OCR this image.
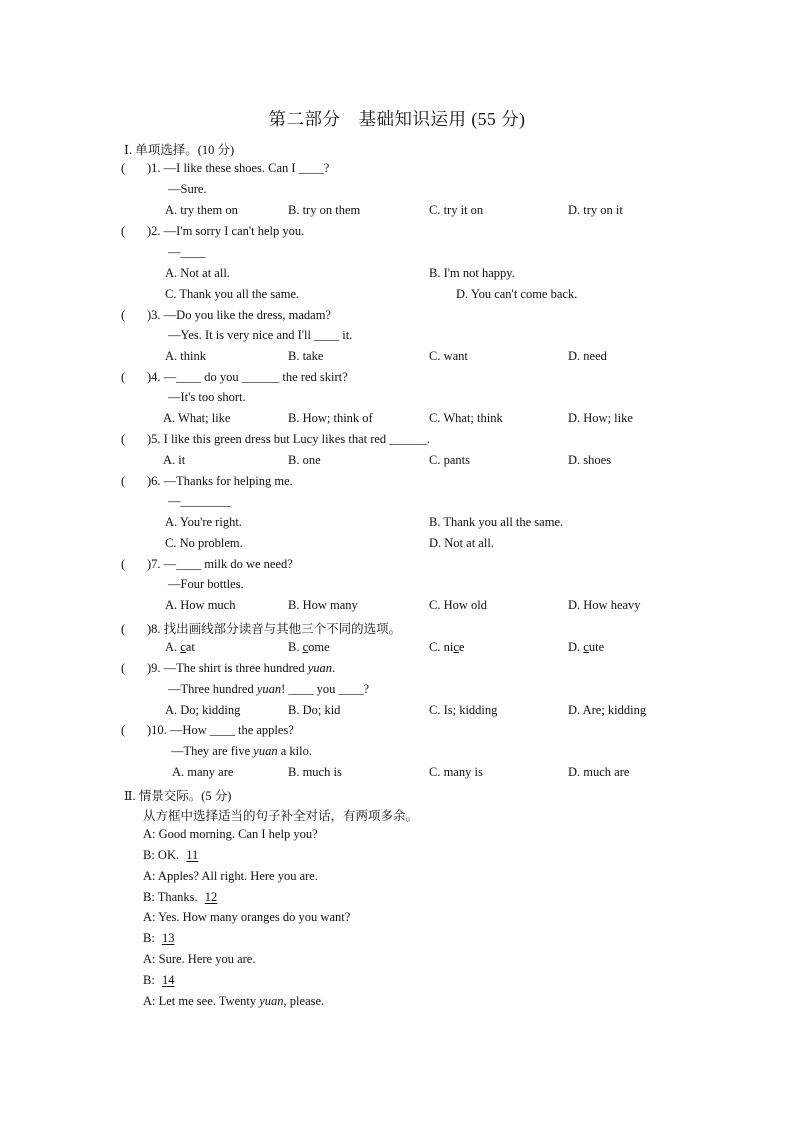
第二部分　基础知识运用 (55 分)
Ⅰ. 单项选择。(10 分)
( )1. —I like these shoes. Can I ____?
—Sure.
A. try them on	B. try on them	C. try it on	D. try on it
( )2. —I'm sorry I can't help you.
—____
A. Not at all.	B. I'm not happy.
C. Thank you all the same.	D. You can't come back.
( )3. —Do you like the dress, madam?
—Yes. It is very nice and I'll ____ it.
A. think	B. take	C. want	D. need
( )4. —____ do you ______ the red skirt?
—It's too short.
A. What; like	B. How; think of	C. What; think	D. How; like
( )5. I like this green dress but Lucy likes that red ______.
A. it	B. one	C. pants	D. shoes
( )6. —Thanks for helping me.
—________
A. You're right.	B. Thank you all the same.
C. No problem.	D. Not at all.
( )7. —____ milk do we need?
—Four bottles.
A. How much	B. How many	C. How old	D. How heavy
( )8. 找出画线部分读音与其他三个不同的选项。
A. cat	B. come	C. nice	D. cute
( )9. —The shirt is three hundred yuan.
—Three hundred yuan! ____ you ____?
A. Do; kidding	B. Do; kid	C. Is; kidding	D. Are; kidding
( )10. —How ____ the apples?
—They are five yuan a kilo.
A. many are	B. much is	C. many is	D. much are
Ⅱ. 情景交际。(5 分)
从方框中选择适当的句子补全对话，有两项多余。
A: Good morning. Can I help you?
B: OK. 11
A: Apples? All right. Here you are.
B: Thanks. 12
A: Yes. How many oranges do you want?
B: 13
A: Sure. Here you are.
B: 14
A: Let me see. Twenty yuan, please.
